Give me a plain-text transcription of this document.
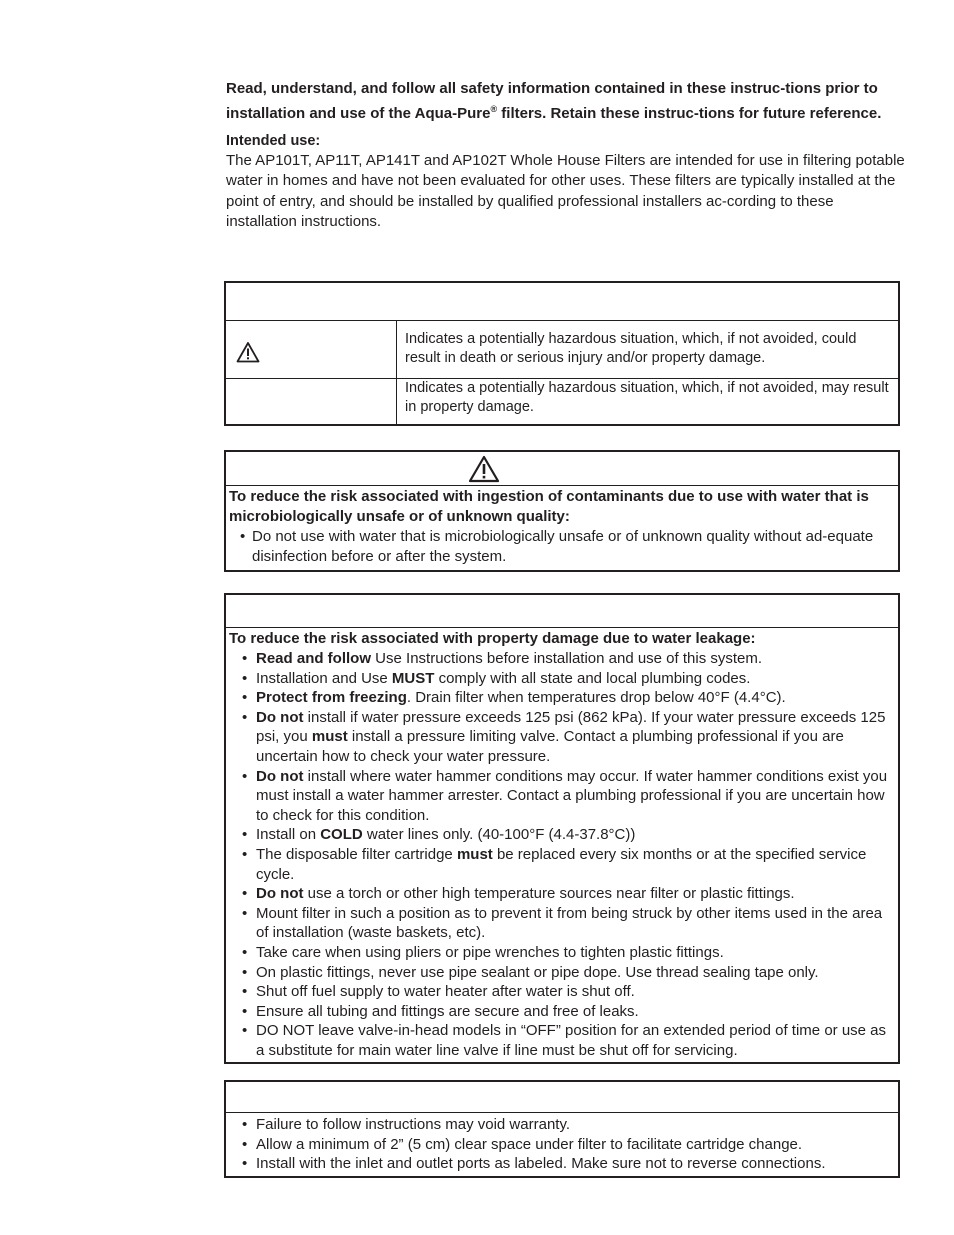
Read, understand, and follow all safety information contained in these instruc-tions prior to installation and use of the Aqua-Pure® filters. Retain these instruc-tions for future reference.

Intended use:

The AP101T, AP11T, AP141T and AP102T Whole House Filters are intended for use in filtering potable water in homes and have not been evaluated for other uses. These filters are typically installed at the point of entry, and should be installed by qualified professional installers ac-cording to these installation instructions.

Indicates a potentially hazardous situation, which, if not avoided, could result in death or serious injury and/or property damage.
Indicates a potentially hazardous situation, which, if not avoided, may result in property damage.

To reduce the risk associated with ingestion of contaminants due to use with water that is microbiologically unsafe or of unknown quality:

• Do not use with water that is microbiologically unsafe or of unknown quality without ad-equate disinfection before or after the system.

To reduce the risk associated with property damage due to water leakage:

• Read and follow Use Instructions before installation and use of this system.
• Installation and Use MUST comply with all state and local plumbing codes.
• Protect from freezing. Drain filter when temperatures drop below 40°F (4.4°C).
• Do not install if water pressure exceeds 125 psi (862 kPa). If your water pressure exceeds 125 psi, you must install a pressure limiting valve. Contact a plumbing professional if you are uncertain how to check your water pressure.
• Do not install where water hammer conditions may occur. If water hammer conditions exist you must install a water hammer arrester. Contact a plumbing professional if you are uncertain how to check for this condition.
• Install on COLD water lines only. (40-100°F (4.4-37.8°C))
• The disposable filter cartridge must be replaced every six months or at the specified service cycle.
• Do not use a torch or other high temperature sources near filter or plastic fittings.
• Mount filter in such a position as to prevent it from being struck by other items used in the area of installation (waste baskets, etc).
• Take care when using pliers or pipe wrenches to tighten plastic fittings.
• On plastic fittings, never use pipe sealant or pipe dope. Use thread sealing tape only.
• Shut off fuel supply to water heater after water is shut off.
• Ensure all tubing and fittings are secure and free of leaks.
• DO NOT leave valve-in-head models in “OFF” position for an extended period of time or use as a substitute for main water line valve if line must be shut off for servicing.
• Failure to follow instructions may void warranty.
• Allow a minimum of 2” (5 cm) clear space under filter to facilitate cartridge change.
• Install with the inlet and outlet ports as labeled. Make sure not to reverse connections.
